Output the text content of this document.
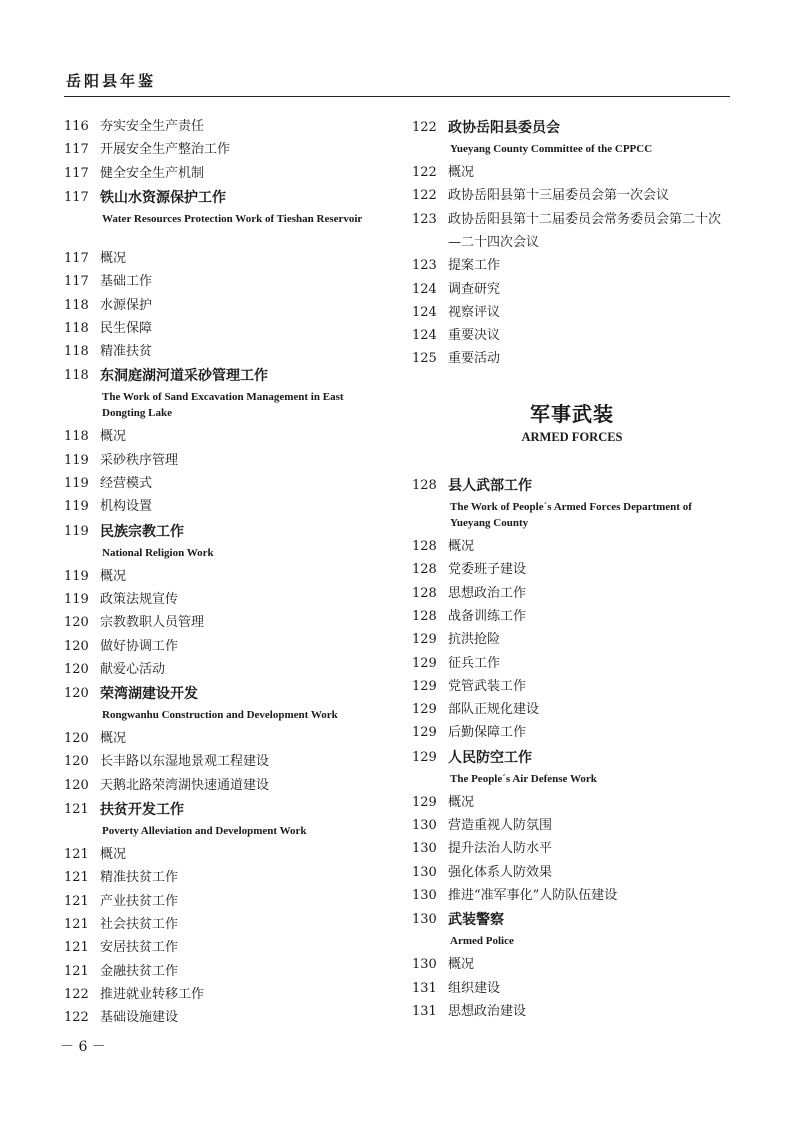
岳阳县年鉴
116 夯实安全生产责任
117 开展安全生产整治工作
117 健全安全生产机制
117 铁山水资源保护工作
Water Resources Protection Work of Tieshan Reservoir
117 概况
117 基础工作
118 水源保护
118 民生保障
118 精准扶贫
118 东洞庭湖河道采砂管理工作
The Work of Sand Excavation Management in East Dongting Lake
118 概况
119 采砂秩序管理
119 经营模式
119 机构设置
119 民族宗教工作
National Religion Work
119 概况
119 政策法规宣传
120 宗教教职人员管理
120 做好协调工作
120 献爱心活动
120 荣湾湖建设开发
Rongwanhu Construction and Development Work
120 概况
120 长丰路以东湿地景观工程建设
120 天鹅北路荣湾湖快速通道建设
121 扶贫开发工作
Poverty Alleviation and Development Work
121 概况
121 精准扶贫工作
121 产业扶贫工作
121 社会扶贫工作
121 安居扶贫工作
121 金融扶贫工作
122 推进就业转移工作
122 基础设施建设
122 政协岳阳县委员会
Yueyang County Committee of the CPPCC
122 概况
122 政协岳阳县第十三届委员会第一次会议
123 政协岳阳县第十二届委员会常务委员会第二十次—二十四次会议
123 提案工作
124 调查研究
124 视察评议
124 重要决议
125 重要活动
军事武装
ARMED FORCES
128 县人武部工作
The Work of People´s Armed Forces Department of Yueyang County
128 概况
128 党委班子建设
128 思想政治工作
128 战备训练工作
129 抗洪抢险
129 征兵工作
129 党管武装工作
129 部队正规化建设
129 后勤保障工作
129 人民防空工作
The People´s Air Defense Work
129 概况
130 营造重视人防氛围
130 提升法治人防水平
130 强化体系人防效果
130 推进“准军事化”人防队伍建设
130 武装警察
Armed Police
130 概况
131 组织建设
131 思想政治建设
－ 6 －
